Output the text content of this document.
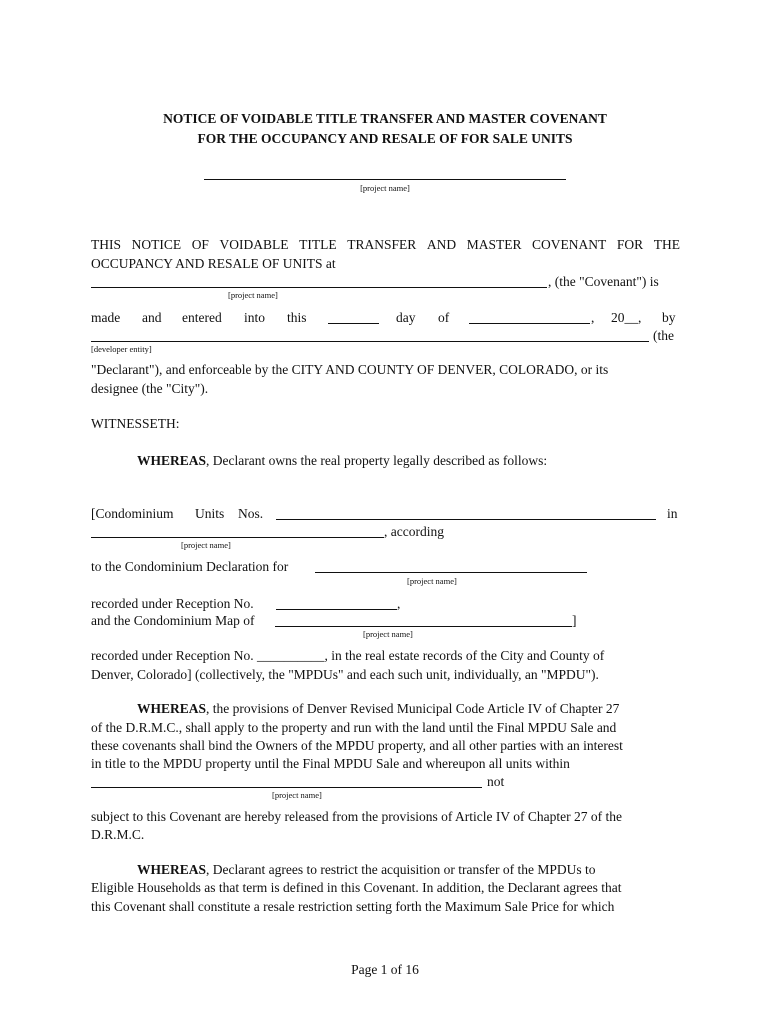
NOTICE OF VOIDABLE TITLE TRANSFER AND MASTER COVENANT
FOR THE OCCUPANCY AND RESALE OF FOR SALE UNITS
[project name]
THIS NOTICE OF VOIDABLE TITLE TRANSFER AND MASTER COVENANT FOR THE
OCCUPANCY AND RESALE OF UNITS at
, (the "Covenant") is
[project name]
made and entered into this	day of	, 20__, by
(the
[developer entity]
"Declarant"), and enforceable by the CITY AND COUNTY OF DENVER, COLORADO, or its
designee (the "City").
WITNESSETH:
WHEREAS, Declarant owns the real property legally described as follows:
[Condominium Units Nos.	in
, according
[project name]
to the Condominium Declaration for
[project name]
recorded under Reception No.	,
and the Condominium Map of	]
[project name]
recorded under Reception No. __________, in the real estate records of the City and County of
Denver, Colorado] (collectively, the "MPDUs" and each such unit, individually, an "MPDU").
WHEREAS, the provisions of Denver Revised Municipal Code Article IV of Chapter 27
of the D.R.M.C., shall apply to the property and run with the land until the Final MPDU Sale and
these covenants shall bind the Owners of the MPDU property, and all other parties with an interest
in title to the MPDU property until the Final MPDU Sale and whereupon all units within
not
[project name]
subject to this Covenant are hereby released from the provisions of Article IV of Chapter 27 of the
D.R.M.C.
WHEREAS, Declarant agrees to restrict the acquisition or transfer of the MPDUs to
Eligible Households as that term is defined in this Covenant. In addition, the Declarant agrees that
this Covenant shall constitute a resale restriction setting forth the Maximum Sale Price for which
Page 1 of 16
